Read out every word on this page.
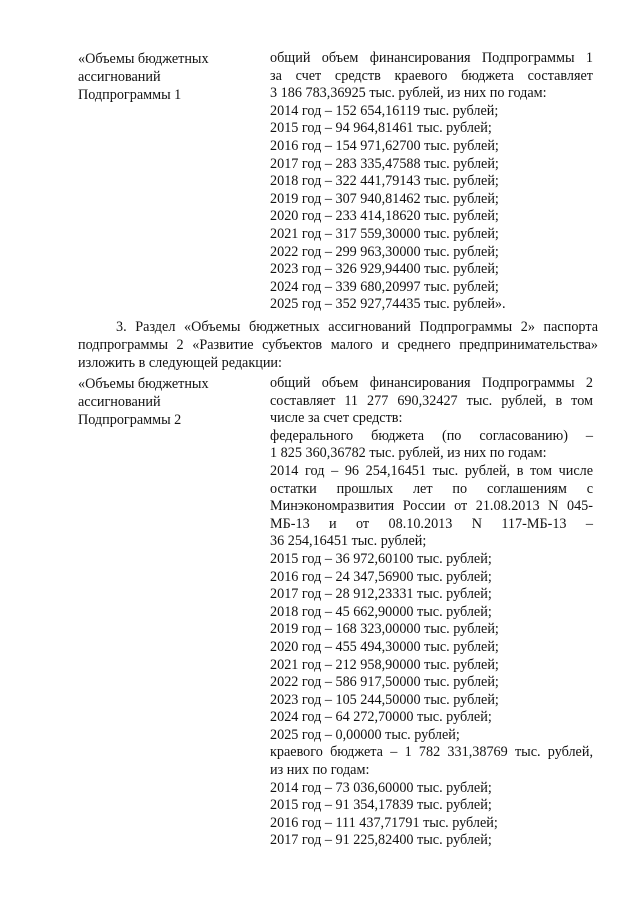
«Объемы бюджетных
ассигнований
Подпрограммы 1
общий объем финансирования Подпрограммы 1
за счет средств краевого бюджета составляет
3 186 783,36925 тыс. рублей, из них по годам:
2014 год – 152 654,16119 тыс. рублей;
2015 год – 94 964,81461 тыс. рублей;
2016 год – 154 971,62700 тыс. рублей;
2017 год – 283 335,47588 тыс. рублей;
2018 год – 322 441,79143 тыс. рублей;
2019 год – 307 940,81462 тыс. рублей;
2020 год – 233 414,18620 тыс. рублей;
2021 год – 317 559,30000 тыс. рублей;
2022 год – 299 963,30000 тыс. рублей;
2023 год – 326 929,94400 тыс. рублей;
2024 год – 339 680,20997 тыс. рублей;
2025 год – 352 927,74435 тыс. рублей».
3. Раздел «Объемы бюджетных ассигнований Подпрограммы 2» паспорта
подпрограммы 2 «Развитие субъектов малого и среднего предпринимательства»
изложить в следующей редакции:
«Объемы бюджетных
ассигнований
Подпрограммы 2
общий объем финансирования Подпрограммы 2
составляет 11 277 690,32427 тыс. рублей, в том
числе за счет средств:
федерального бюджета (по согласованию) –
1 825 360,36782 тыс. рублей, из них по годам:
2014 год – 96 254,16451 тыс. рублей, в том числе
остатки прошлых лет по соглашениям с
Минэкономразвития России от 21.08.2013 N 045-
МБ-13 и от 08.10.2013 N 117-МБ-13 –
36 254,16451 тыс. рублей;
2015 год – 36 972,60100 тыс. рублей;
2016 год – 24 347,56900 тыс. рублей;
2017 год – 28 912,23331 тыс. рублей;
2018 год – 45 662,90000 тыс. рублей;
2019 год – 168 323,00000 тыс. рублей;
2020 год – 455 494,30000 тыс. рублей;
2021 год – 212 958,90000 тыс. рублей;
2022 год – 586 917,50000 тыс. рублей;
2023 год – 105 244,50000 тыс. рублей;
2024 год – 64 272,70000 тыс. рублей;
2025 год – 0,00000 тыс. рублей;
краевого бюджета – 1 782 331,38769 тыс. рублей,
из них по годам:
2014 год – 73 036,60000 тыс. рублей;
2015 год – 91 354,17839 тыс. рублей;
2016 год – 111 437,71791 тыс. рублей;
2017 год – 91 225,82400 тыс. рублей;
